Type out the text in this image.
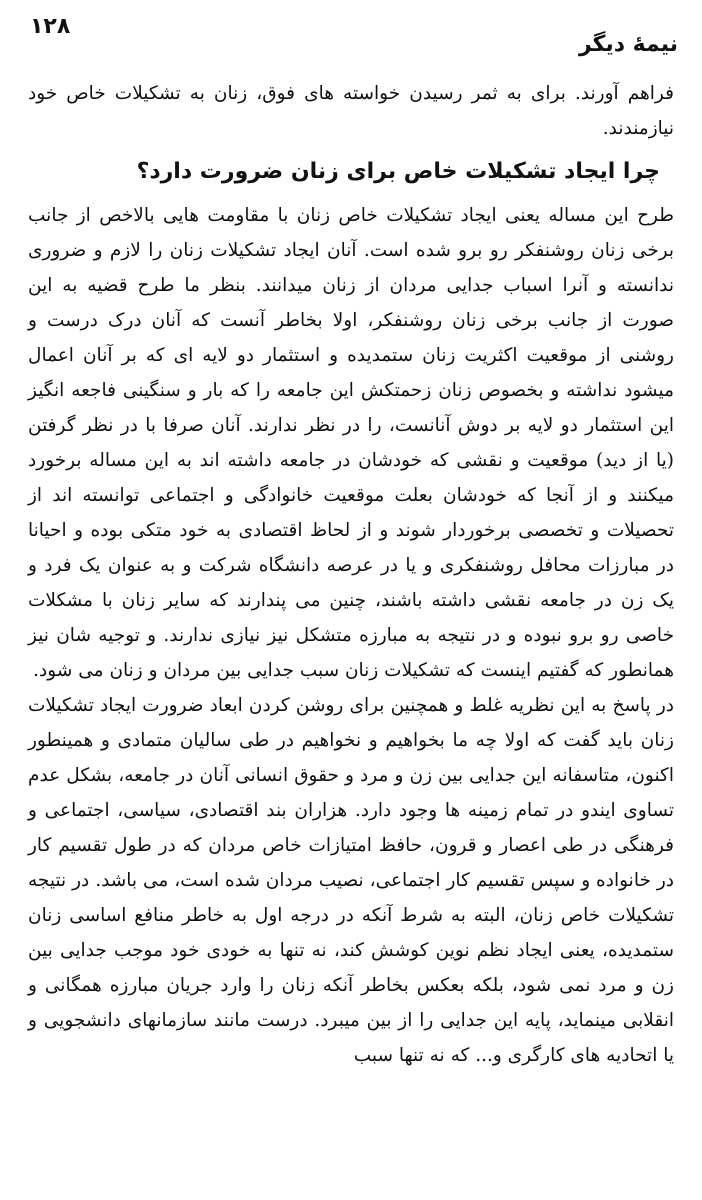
۱۲۸
نیمۀ دیگر

فراهم آورند. برای به ثمر رسیدن خواسته های فوق، زنان به تشکیلات خاص خود نیازمندند.

چرا ایجاد تشکیلات خاص برای زنان ضرورت دارد؟

طرح این مساله یعنی ایجاد تشکیلات خاص زنان با مقاومت هایی بالاخص از جانب برخی زنان روشنفکر رو برو شده است. آنان ایجاد تشکیلات زنان را لازم و ضروری ندانسته و آنرا اسباب جدایی مردان از زنان میدانند. بنظر ما طرح قضیه به این صورت از جانب برخی زنان روشنفکر، اولا بخاطر آنست که آنان درک درست و روشنی از موقعیت اکثریت زنان ستمدیده و استثمار دو لایه ای که بر آنان اعمال میشود نداشته و بخصوص زنان زحمتکش این جامعه را که بار و سنگینی فاجعه انگیز این استثمار دو لایه بر دوش آنانست، را در نظر ندارند. آنان صرفا با در نظر گرفتن (یا از دید) موقعیت و نقشی که خودشان در جامعه داشته اند به این مساله برخورد میکنند و از آنجا که خودشان بعلت موقعیت خانوادگی و اجتماعی توانسته اند از تحصیلات و تخصصی برخوردار شوند و از لحاظ اقتصادی به خود متکی بوده و احیانا در مبارزات محافل روشنفکری و یا در عرصه دانشگاه شرکت و به عنوان یک فرد و یک زن در جامعه نقشی داشته باشند، چنین می پندارند که سایر زنان با مشکلات خاصی رو برو نبوده و در نتیجه به مبارزه متشکل نیز نیازی ندارند. و توجیه شان نیز همانطور که گفتیم اینست که تشکیلات زنان سبب جدایی بین مردان و زنان می شود.

در پاسخ به این نظریه غلط و همچنین برای روشن کردن ابعاد ضرورت ایجاد تشکیلات زنان باید گفت که اولا چه ما بخواهیم و نخواهیم در طی سالیان متمادی و همینطور اکنون، متاسفانه این جدایی بین زن و مرد و حقوق انسانی آنان در جامعه، بشکل عدم تساوی ایندو در تمام زمینه ها وجود دارد. هزاران بند اقتصادی، سیاسی، اجتماعی و فرهنگی در طی اعصار و قرون، حافظ امتیازات خاص مردان که در طول تقسیم کار در خانواده و سپس تقسیم کار اجتماعی، نصیب مردان شده است، می باشد. در نتیجه تشکیلات خاص زنان، البته به شرط آنکه در درجه اول به خاطر منافع اساسی زنان ستمدیده، یعنی ایجاد نظم نوین کوشش کند، نه تنها به خودی خود موجب جدایی بین زن و مرد نمی شود، بلکه بعکس بخاطر آنکه زنان را وارد جریان مبارزه همگانی و انقلابی مینماید، پایه این جدایی را از بین میبرد. درست مانند سازمانهای دانشجویی و یا اتحادیه های کارگری و... که نه تنها سبب
